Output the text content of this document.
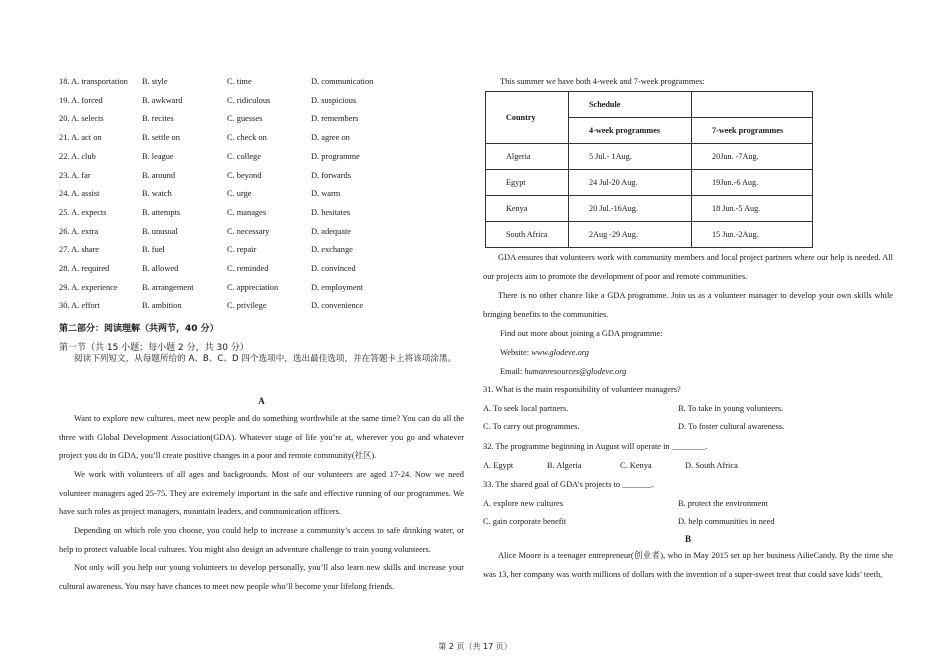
18. A. transportation B. style	C. time	D. communication
19. A. forced	B. awkward	C. ridiculous	D. suspicious
20. A. selects	B. recites	C. guesses	D. remembers
21. A. act on	B. settle on	C. check on	D. agree on
22. A. club	B. league	C. college	D. programme
23. A. far	B. around	C. beyond	D. forwards
24. A. assist	B. watch	C. urge	D. warm
25. A. expects	B. attempts	C. manages	D. hesitates
26. A. extra	B. unusual	C. necessary	D. adequate
27. A. share	B. fuel	C. repair	D. exchange
28. A. required	B. allowed	C. reminded	D. convinced
29. A. experience	B. arrangement	C. appreciation	D. employment
30. A. effort	B. ambition	C. privilege	D. convenience
第二部分：阅读理解（共两节，40 分）
第一节（共 15 小题；每小题 2 分，共 30 分）
阅读下列短文，从每题所给的 A、B、C、D 四个选项中，选出最佳选项，并在答题卡上将该项涂黑。
A
Want to explore new cultures, meet new people and do something worthwhile at the same time? You can do all the three with Global Development Association(GDA). Whatever stage of life you’re at, wherever you go and whatever project you do in GDA, you’ll create positive changes in a poor and remote community(社区).
We work with volunteers of all ages and backgrounds. Most of our volunteers are aged 17-24. Now we need volunteer managers aged 25-75. They are extremely important in the safe and effective running of our programmes. We have such roles as project managers, mountain leaders, and communication officers.
Depending on which role you choose, you could help to increase a community’s access to safe drinking water, or help to protect valuable local cultures. You might also design an adventure challenge to train young volunteers.
Not only will you help our young volunteers to develop personally, you’ll also learn new skills and increase your cultural awareness. You may have chances to meet new people who’ll become your lifelong friends.
This summer we have both 4-week and 7-week programmes:
Country	Schedule	
	4-week programmes	7-week programmes
Algeria	5 Jul.- 1Aug.	20Jun. -7Aug.
Egypt	24 Jul-20 Aug.	19Jun.-6 Aug.
Kenya	20 Jul.-16Aug.	18 Jun.-5 Aug.
South Africa	2Aug -29 Aug.	15 Jun.-2Aug.
GDA ensures that volunteers work with community members and local project partners where our help is needed. All our projects aim to promote the development of poor and remote communities.
There is no other chance like a GDA programme. Join us as a volunteer manager to develop your own skills while bringing benefits to the communities.
Find out more about joining a GDA programme:
Website: www.glodeve.org
Email: humanresources@glodeve.org
31. What is the main responsibility of volunteer managers?
A. To seek local partners.	B. To take in young volunteers.
C. To carry out programmes.	D. To foster cultural awareness.
32. The programme beginning in August will operate in ________.
A. Egypt	B. Algeria	C. Kenya	D. South Africa
33. The shared goal of GDA’s projects to _______.
A. explore new cultures	B. protect the environment
C. gain corporate benefit	D. help communities in need
B
Alice Moore is a teenager entrepreneur(创业者), who in May 2015 set up her business AilieCandy. By the time she was 13, her company was worth millions of dollars with the invention of a super-sweet treat that could save kids’ teeth,
第 2 页（共 17 页）
